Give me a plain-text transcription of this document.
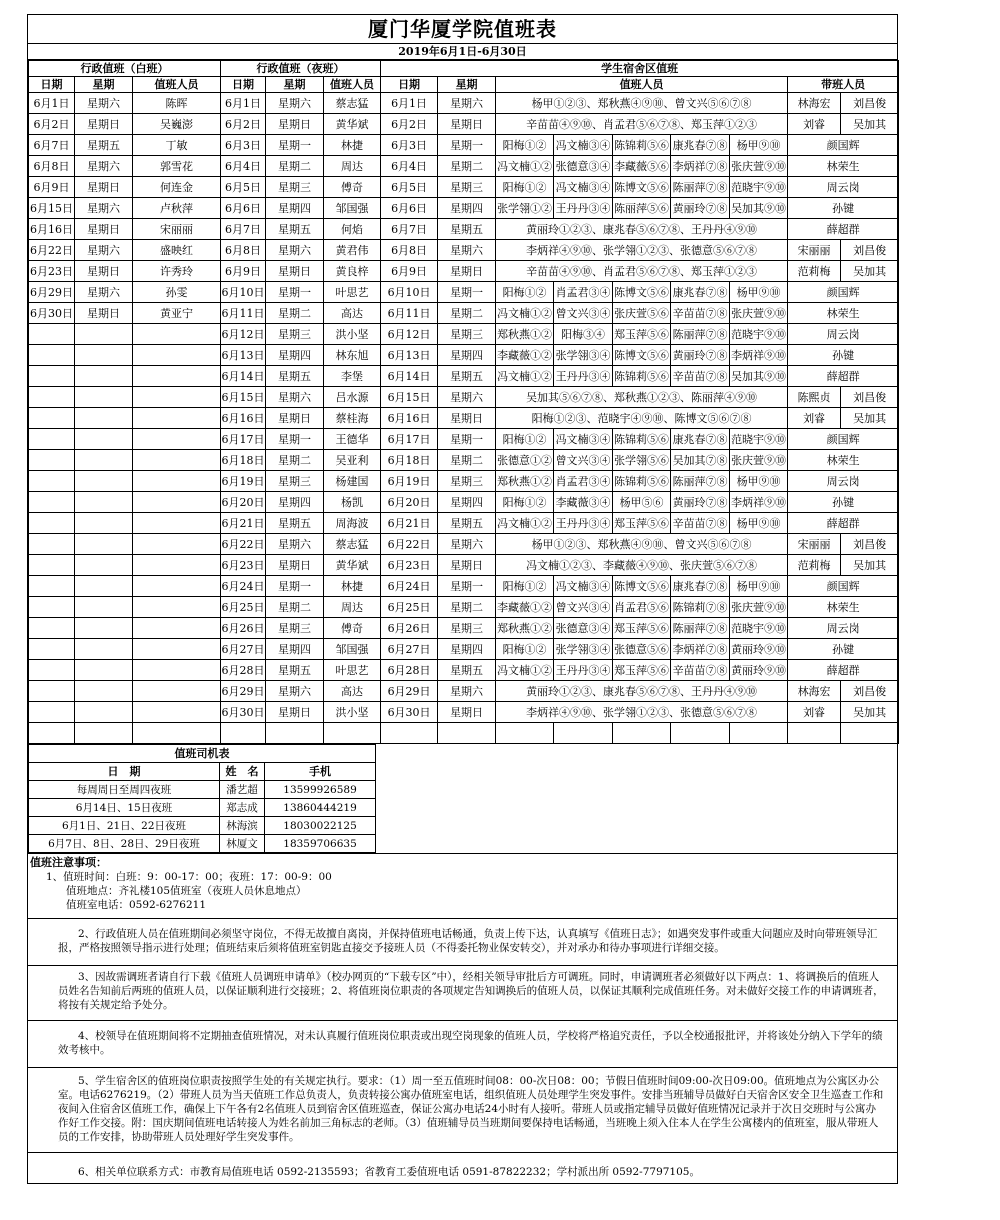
厦门华厦学院值班表
2019年6月1日-6月30日
行政值班（白班）			行政值班（夜班）			学生宿舍区值班								
日期	星期	值班人员	日期	星期	值班人员	日期	星期	值班人员					带班人员	
6月1日	星期六	陈晖	6月1日	星期六	蔡志猛	6月1日	星期六	杨甲①②③、郑秋燕④⑨⑩、曾文兴⑤⑥⑦⑧					林海宏	刘昌俊
6月2日	星期日	吴巍澎	6月2日	星期日	黄华斌	6月2日	星期日	辛苗苗④⑨⑩、肖孟君⑤⑥⑦⑧、郑玉萍①②③					刘睿	吴加其
6月7日	星期五	丁敏	6月3日	星期一	林捷	6月3日	星期一	阳梅①②	冯文楠③④	陈锦莉⑤⑥	康兆春⑦⑧	杨甲⑨⑩	颜国辉	
6月8日	星期六	郭雪花	6月4日	星期二	周达	6月4日	星期二	冯文楠①②	张德意③④	李藏薇⑤⑥	李炳祥⑦⑧	张庆萱⑨⑩	林荣生	
6月9日	星期日	何连金	6月5日	星期三	傅奇	6月5日	星期三	阳梅①②	冯文楠③④	陈博文⑤⑥	陈丽萍⑦⑧	范晓宇⑨⑩	周云岗	
6月15日	星期六	卢秋萍	6月6日	星期四	邹国强	6月6日	星期四	张学翎①②	王丹丹③④	陈丽萍⑤⑥	黄丽玲⑦⑧	吴加其⑨⑩	孙键	
6月16日	星期日	宋丽丽	6月7日	星期五	何焰	6月7日	星期五	黄丽玲①②③、康兆春⑤⑥⑦⑧、王丹丹④⑨⑩					薛超群	
6月22日	星期六	盛映红	6月8日	星期六	黄君伟	6月8日	星期六	李炳祥④⑨⑩、张学翎①②③、张德意⑤⑥⑦⑧					宋丽丽	刘昌俊
6月23日	星期日	许秀玲	6月9日	星期日	黄良梓	6月9日	星期日	辛苗苗④⑨⑩、肖孟君⑤⑥⑦⑧、郑玉萍①②③					范莉梅	吴加其
6月29日	星期六	孙雯	6月10日	星期一	叶思艺	6月10日	星期一	阳梅①②	肖孟君③④	陈博文⑤⑥	康兆春⑦⑧	杨甲⑨⑩	颜国辉	
6月30日	星期日	黄亚宁	6月11日	星期二	高达	6月11日	星期二	冯文楠①②	曾文兴③④	张庆萱⑤⑥	辛苗苗⑦⑧	张庆萱⑨⑩	林荣生	
			6月12日	星期三	洪小坚	6月12日	星期三	郑秋燕①②	阳梅③④	郑玉萍⑤⑥	陈丽萍⑦⑧	范晓宇⑨⑩	周云岗	
			6月13日	星期四	林东旭	6月13日	星期四	李藏薇①②	张学翎③④	陈博文⑤⑥	黄丽玲⑦⑧	李炳祥⑨⑩	孙键	
			6月14日	星期五	李堡	6月14日	星期五	冯文楠①②	王丹丹③④	陈锦莉⑤⑥	辛苗苗⑦⑧	吴加其⑨⑩	薛超群	
			6月15日	星期六	吕水源	6月15日	星期六	吴加其⑤⑥⑦⑧、郑秋燕①②③、陈丽萍④⑨⑩					陈熙贞	刘昌俊
			6月16日	星期日	蔡桂海	6月16日	星期日	阳梅①②③、范晓宇④⑨⑩、陈博文⑤⑥⑦⑧					刘睿	吴加其
			6月17日	星期一	王德华	6月17日	星期一	阳梅①②	冯文楠③④	陈锦莉⑤⑥	康兆春⑦⑧	范晓宇⑨⑩	颜国辉	
			6月18日	星期二	吴亚利	6月18日	星期二	张德意①②	曾文兴③④	张学翎⑤⑥	吴加其⑦⑧	张庆萱⑨⑩	林荣生	
			6月19日	星期三	杨建国	6月19日	星期三	郑秋燕①②	肖孟君③④	陈锦莉⑤⑥	陈丽萍⑦⑧	杨甲⑨⑩	周云岗	
			6月20日	星期四	杨凯	6月20日	星期四	阳梅①②	李藏薇③④	杨甲⑤⑥	黄丽玲⑦⑧	李炳祥⑨⑩	孙键	
			6月21日	星期五	周海波	6月21日	星期五	冯文楠①②	王丹丹③④	郑玉萍⑤⑥	辛苗苗⑦⑧	杨甲⑨⑩	薛超群	
			6月22日	星期六	蔡志猛	6月22日	星期六	杨甲①②③、郑秋燕④⑨⑩、曾文兴⑤⑥⑦⑧					宋丽丽	刘昌俊
			6月23日	星期日	黄华斌	6月23日	星期日	冯文楠①②③、李藏薇④⑨⑩、张庆萱⑤⑥⑦⑧					范莉梅	吴加其
			6月24日	星期一	林捷	6月24日	星期一	阳梅①②	冯文楠③④	陈博文⑤⑥	康兆春⑦⑧	杨甲⑨⑩	颜国辉	
			6月25日	星期二	周达	6月25日	星期二	李藏薇①②	曾文兴③④	肖孟君⑤⑥	陈锦莉⑦⑧	张庆萱⑨⑩	林荣生	
			6月26日	星期三	傅奇	6月26日	星期三	郑秋燕①②	张德意③④	郑玉萍⑤⑥	陈丽萍⑦⑧	范晓宇⑨⑩	周云岗	
			6月27日	星期四	邹国强	6月27日	星期四	阳梅①②	张学翎③④	张德意⑤⑥	李炳祥⑦⑧	黄丽玲⑨⑩	孙键	
			6月28日	星期五	叶思艺	6月28日	星期五	冯文楠①②	王丹丹③④	郑玉萍⑤⑥	辛苗苗⑦⑧	黄丽玲⑨⑩	薛超群	
			6月29日	星期六	高达	6月29日	星期六	黄丽玲①②③、康兆春⑤⑥⑦⑧、王丹丹④⑨⑩					林海宏	刘昌俊
			6月30日	星期日	洪小坚	6月30日	星期日	李炳祥④⑨⑩、张学翎①②③、张德意⑤⑥⑦⑧					刘睿	吴加其

值班司机表		
日　期	姓　名	手机
每周周日至周四夜班	潘艺超	13599926589
6月14日、15日夜班	郑志成	13860444219
6月1日、21日、22日夜班	林海滨	18030022125
6月7日、8日、28日、29日夜班	林厦文	18359706635
值班注意事项：
1、值班时间：白班：9：00-17：00；夜班：17：00-9：00
值班地点：齐礼楼105值班室（夜班人员休息地点）
值班室电话：0592-6276211

2、行政值班人员在值班期间必须坚守岗位，不得无故擅自离岗，并保持值班电话畅通，负责上传下达，认真填写《值班日志》；如遇突发事件或重大问题应及时向带班领导汇报，严格按照领导指示进行处理；值班结束后须将值班室钥匙直接交予接班人员（不得委托物业保安转交），并对承办和待办事项进行详细交接。

3、因故需调班者请自行下载《值班人员调班申请单》（校办网页的“下载专区”中），经相关领导审批后方可调班。同时，申请调班者必须做好以下两点：1、将调换后的值班人员姓名告知前后两班的值班人员，以保证顺利进行交接班；2、将值班岗位职责的各项规定告知调换后的值班人员，以保证其顺利完成值班任务。对未做好交接工作的申请调班者，将按有关规定给予处分。

4、校领导在值班期间将不定期抽查值班情况，对未认真履行值班岗位职责或出现空岗现象的值班人员，学校将严格追究责任，予以全校通报批评，并将该处分纳入下学年的绩效考核中。

5、学生宿舍区的值班岗位职责按照学生处的有关规定执行。要求：（1）周一至五值班时间08：00-次日08：00；节假日值班时间09:00-次日09:00。值班地点为公寓区办公室。电话6276219。（2）带班人员为当天值班工作总负责人，负责转接公寓办值班室电话，组织值班人员处理学生突发事件。安排当班辅导员做好白天宿舍区安全卫生巡查工作和夜间入住宿舍区值班工作，确保上下午各有2名值班人员到宿舍区值班巡查，保证公寓办电话24小时有人接听。带班人员或指定辅导员做好值班情况记录并于次日交班时与公寓办作好工作交接。附：国庆期间值班电话转接人为姓名前加三角标志的老师。（3）值班辅导员当班期间要保持电话畅通，当班晚上须入住本人在学生公寓楼内的值班室，服从带班人员的工作安排，协助带班人员处理好学生突发事件。

6、相关单位联系方式：市教育局值班电话 0592-2135593；省教育工委值班电话 0591-87822232；学村派出所 0592-7797105。
